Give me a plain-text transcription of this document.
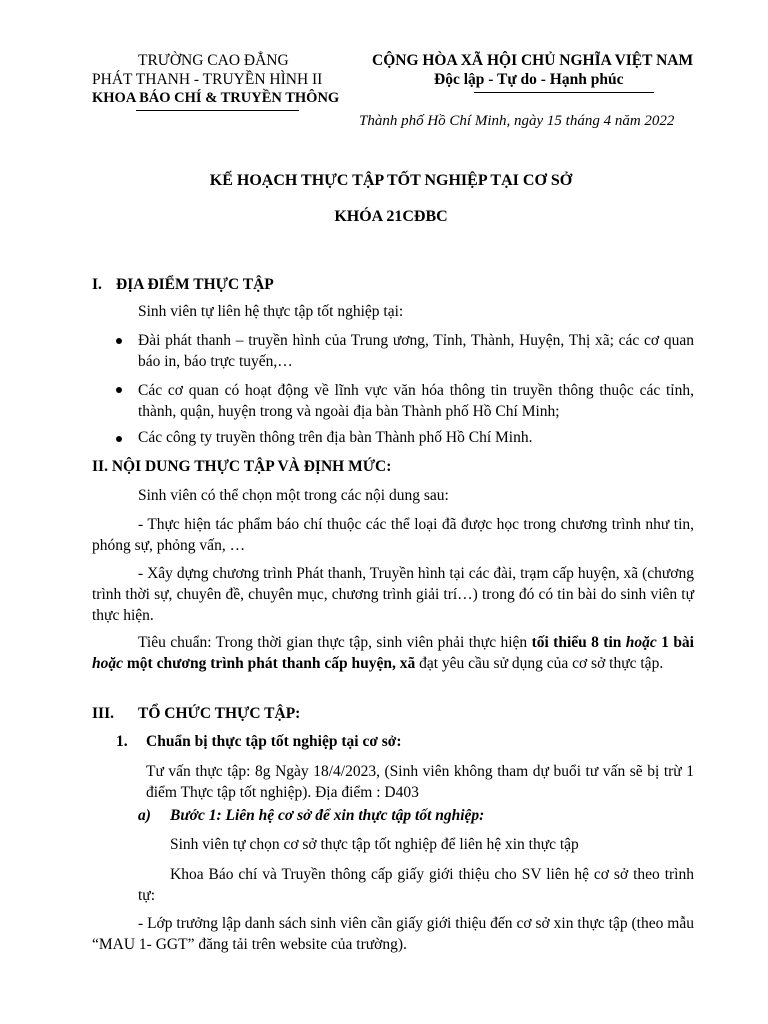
TRƯỜNG CAO ĐẲNG
PHÁT THANH - TRUYỀN HÌNH II
KHOA BÁO CHÍ & TRUYỀN THÔNG
CỘNG HÒA XÃ HỘI CHỦ NGHĨA VIỆT NAM
Độc lập - Tự do - Hạnh phúc
Thành phố Hồ Chí Minh, ngày 15 tháng 4 năm 2022
KẾ HOẠCH THỰC TẬP TỐT NGHIỆP TẠI CƠ SỞ
KHÓA 21CĐBC
I. ĐỊA ĐIỂM THỰC TẬP
Sinh viên tự liên hệ thực tập tốt nghiệp tại:
Đài phát thanh – truyền hình của Trung ương, Tỉnh, Thành, Huyện, Thị xã; các cơ quan báo in, báo trực tuyến,…
Các cơ quan có hoạt động về lĩnh vực văn hóa thông tin truyền thông thuộc các tỉnh, thành, quận, huyện trong và ngoài địa bàn Thành phố Hồ Chí Minh;
Các công ty truyền thông trên địa bàn Thành phố Hồ Chí Minh.
II. NỘI DUNG THỰC TẬP VÀ ĐỊNH MỨC:
Sinh viên có thể chọn một trong các nội dung sau:
- Thực hiện tác phẩm báo chí thuộc các thể loại đã được học trong chương trình như tin, phóng sự, phỏng vấn, …
- Xây dựng chương trình Phát thanh, Truyền hình tại các đài, trạm cấp huyện, xã (chương trình thời sự, chuyên đề, chuyên mục, chương trình giải trí…) trong đó có tin bài do sinh viên tự thực hiện.
Tiêu chuẩn: Trong thời gian thực tập, sinh viên phải thực hiện tối thiểu 8 tin hoặc 1 bài hoặc một chương trình phát thanh cấp huyện, xã đạt yêu cầu sử dụng của cơ sở thực tập.
III. TỔ CHỨC THỰC TẬP:
1. Chuẩn bị thực tập tốt nghiệp tại cơ sở:
Tư vấn thực tập: 8g Ngày 18/4/2023, (Sinh viên không tham dự buổi tư vấn sẽ bị trừ 1 điểm Thực tập tốt nghiệp). Địa điểm : D403
a) Bước 1: Liên hệ cơ sở để xin thực tập tốt nghiệp:
Sinh viên tự chọn cơ sở thực tập tốt nghiệp để liên hệ xin thực tập
Khoa Báo chí và Truyền thông cấp giấy giới thiệu cho SV liên hệ cơ sở theo trình tự:
- Lớp trưởng lập danh sách sinh viên cần giấy giới thiệu đến cơ sở xin thực tập (theo mẫu “MAU 1- GGT” đăng tải trên website của trường).
